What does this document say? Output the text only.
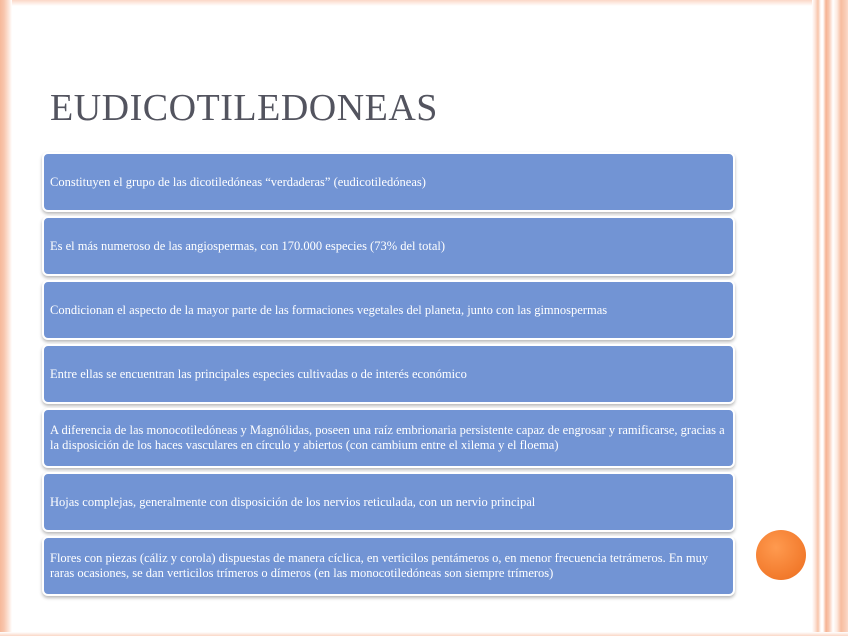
EUDICOTILEDONEAS
Constituyen el grupo de las dicotiledóneas “verdaderas” (eudicotiledóneas)
Es el más numeroso de las angiospermas, con 170.000 especies (73% del total)
Condicionan el aspecto de la mayor parte de las formaciones vegetales del planeta, junto con las gimnospermas
Entre ellas se encuentran las principales especies cultivadas o de interés económico
A diferencia de las monocotiledóneas y Magnólidas, poseen una raíz embrionaria persistente capaz de engrosar y ramificarse, gracias a la disposición de los haces vasculares en círculo y abiertos (con cambium entre el xilema y el floema)
Hojas complejas, generalmente con disposición de los nervios reticulada, con un nervio principal
Flores con piezas (cáliz y corola) dispuestas de manera cíclica, en verticilos pentámeros o, en menor frecuencia tetrámeros. En muy raras ocasiones, se dan verticilos trímeros o dímeros (en las monocotiledóneas son siempre trímeros)
